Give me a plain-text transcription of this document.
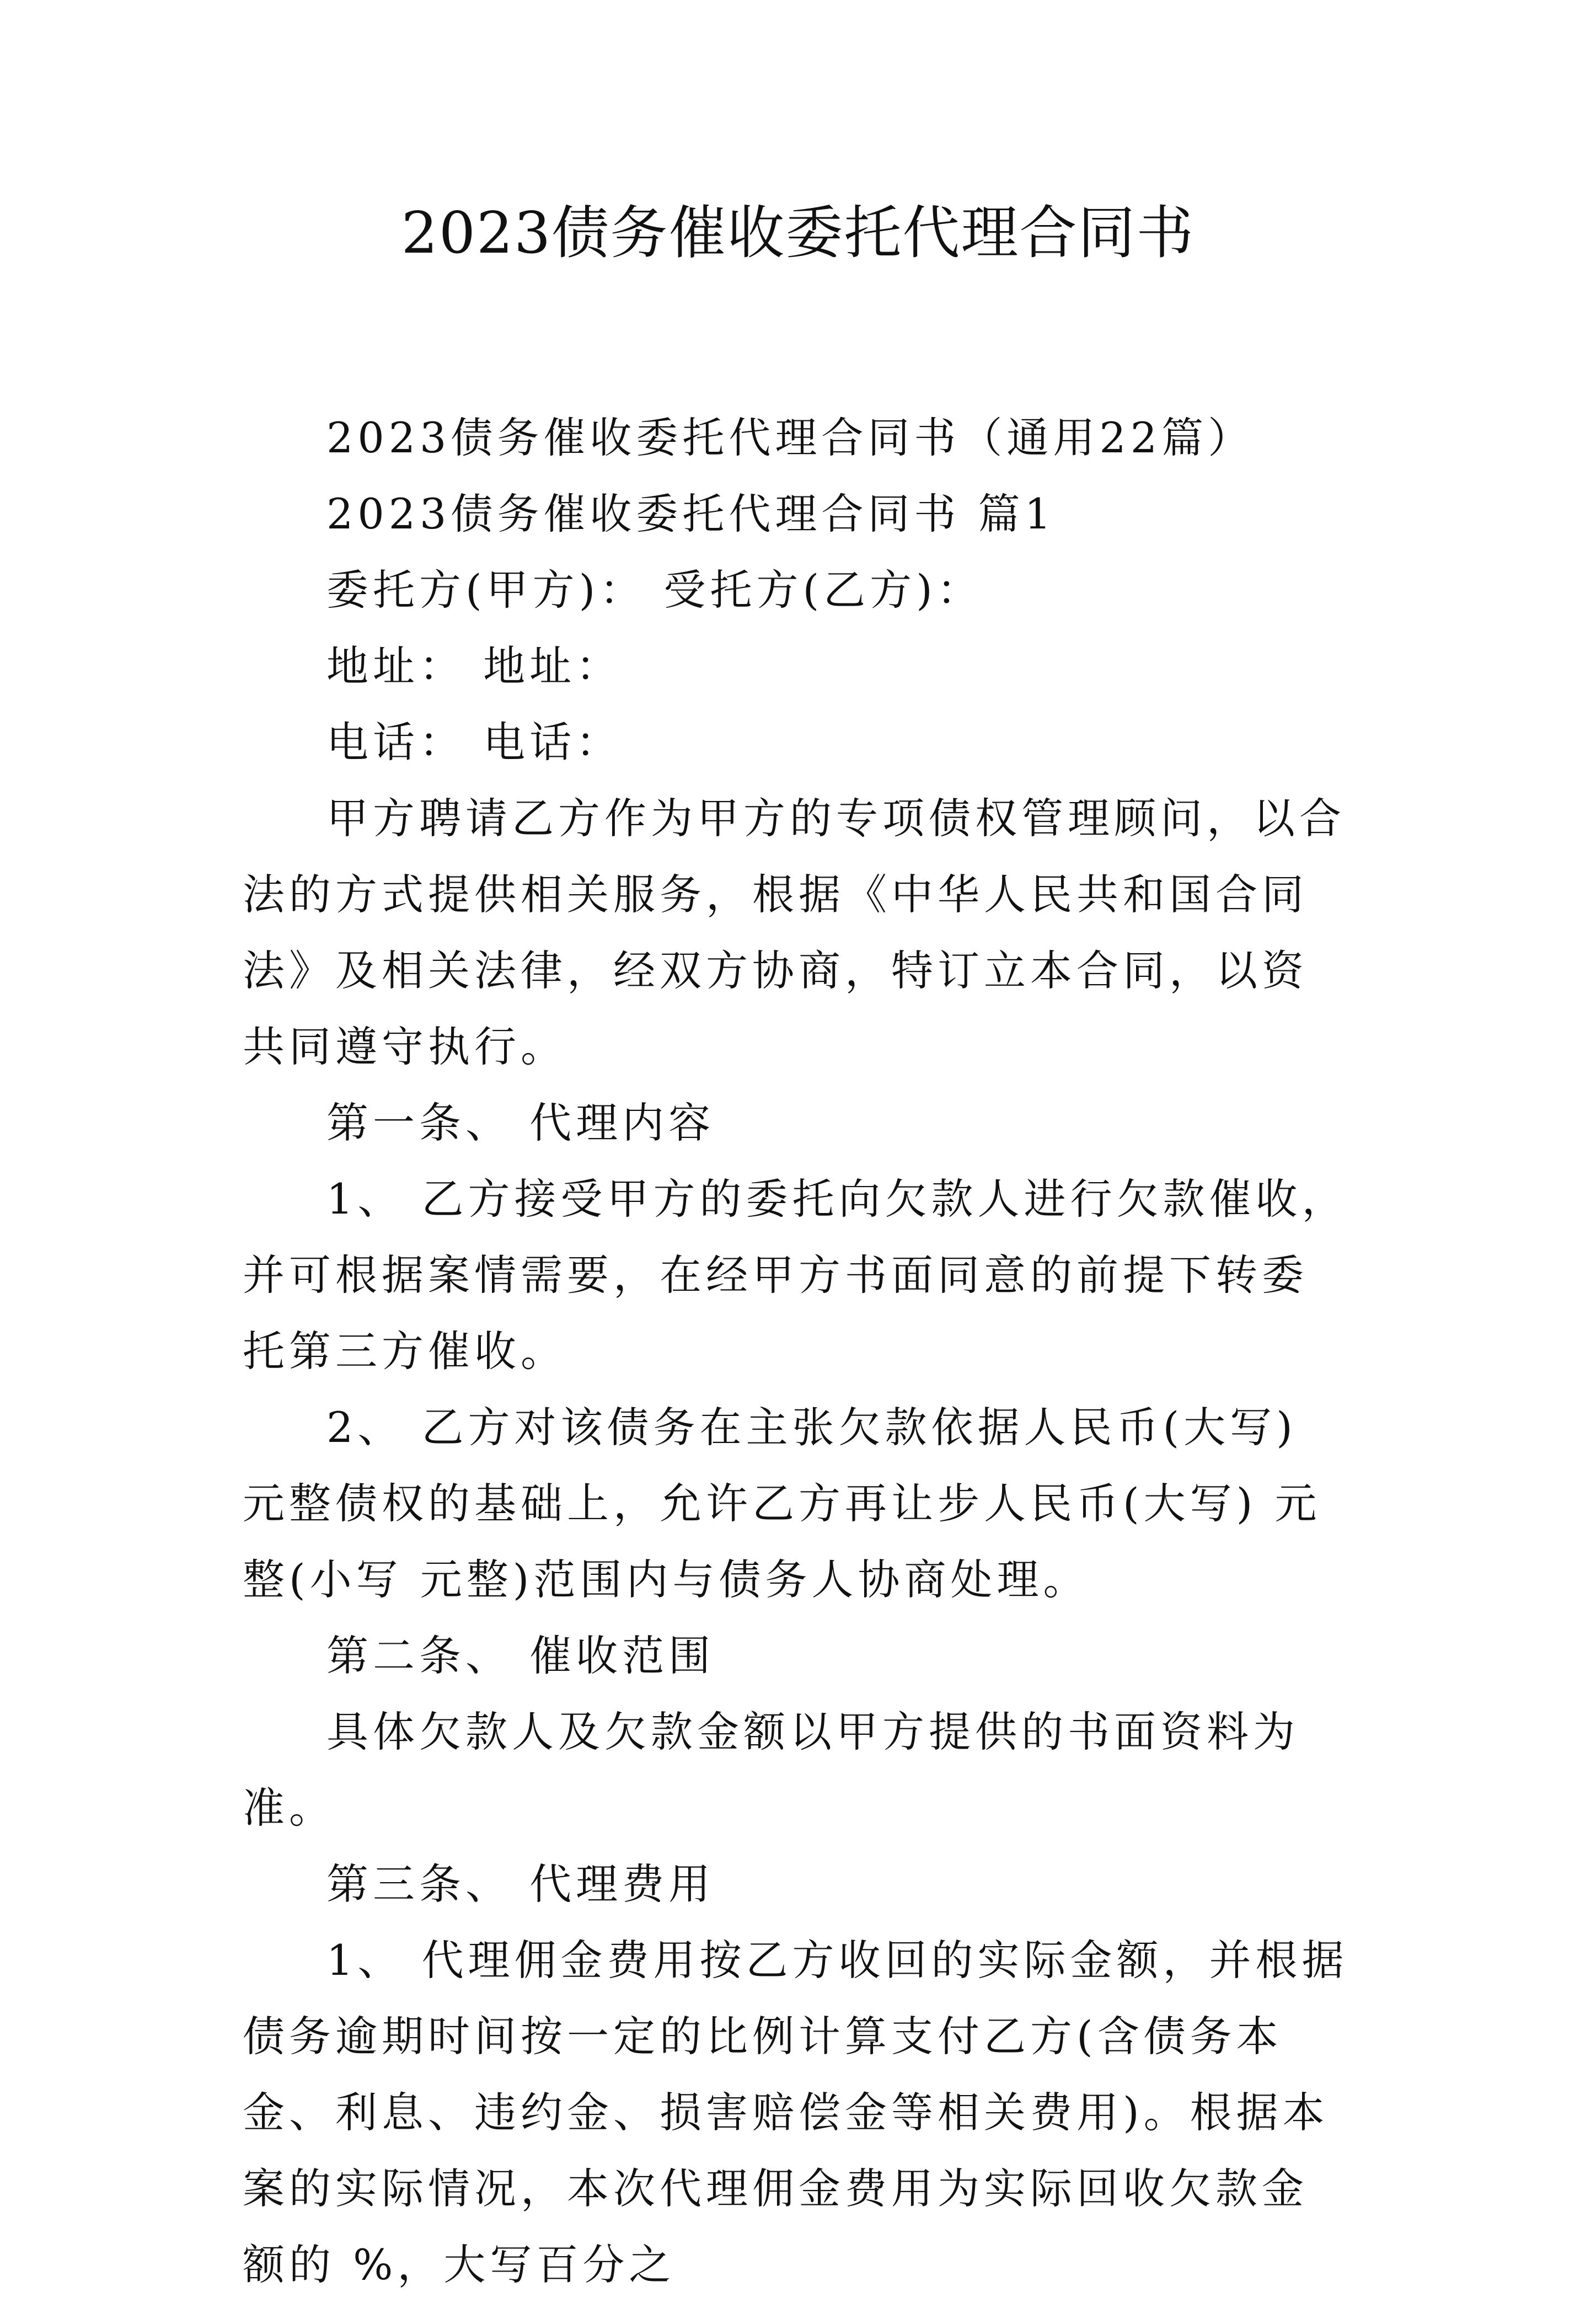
2023债务催收委托代理合同书

2023债务催收委托代理合同书（通用22篇）

2023债务催收委托代理合同书 篇1

委托方(甲方)： 受托方(乙方)：

地址： 地址：

电话： 电话：

甲方聘请乙方作为甲方的专项债权管理顾问，以合法的方式提供相关服务，根据《中华人民共和国合同法》及相关法律，经双方协商，特订立本合同，以资共同遵守执行。

第一条、 代理内容

1、 乙方接受甲方的委托向欠款人进行欠款催收，并可根据案情需要，在经甲方书面同意的前提下转委托第三方催收。

2、 乙方对该债务在主张欠款依据人民币(大写) 元整债权的基础上，允许乙方再让步人民币(大写) 元整(小写 元整)范围内与债务人协商处理。

第二条、 催收范围

具体欠款人及欠款金额以甲方提供的书面资料为准。

第三条、 代理费用

1、 代理佣金费用按乙方收回的实际金额，并根据债务逾期时间按一定的比例计算支付乙方(含债务本金、利息、违约金、损害赔偿金等相关费用)。根据本案的实际情况，本次代理佣金费用为实际回收欠款金额的 %，大写百分之
